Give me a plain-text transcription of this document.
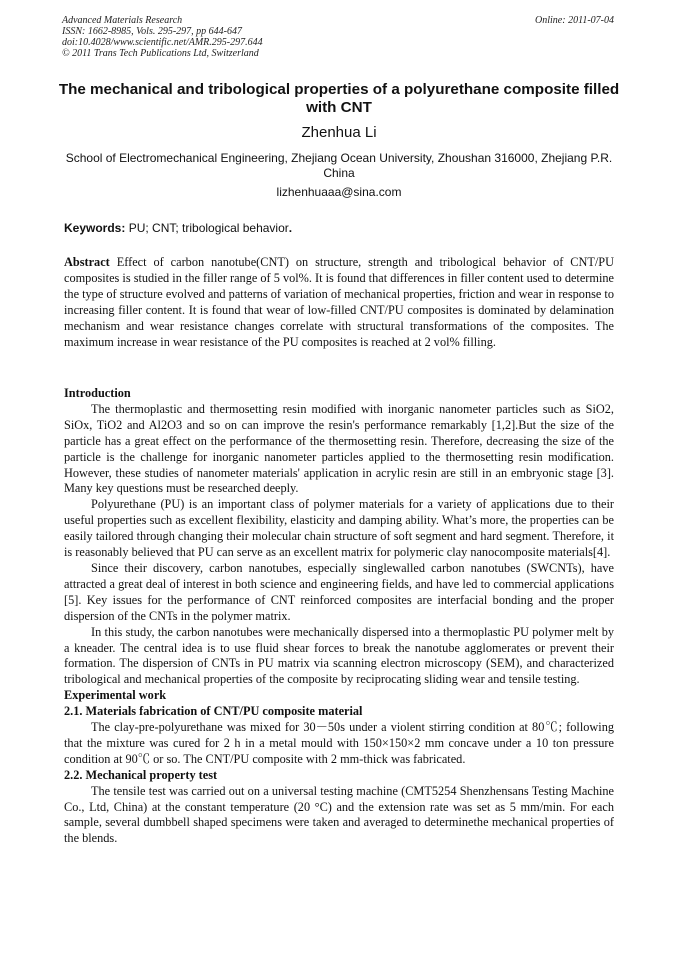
Advanced Materials Research
ISSN: 1662-8985, Vols. 295-297, pp 644-647
doi:10.4028/www.scientific.net/AMR.295-297.644
© 2011 Trans Tech Publications Ltd, Switzerland
Online: 2011-07-04
The mechanical and tribological properties of a polyurethane composite filled with CNT
Zhenhua Li
School of Electromechanical Engineering, Zhejiang Ocean University, Zhoushan 316000, Zhejiang P.R. China
lizhenhuaaa@sina.com
Keywords: PU; CNT; tribological behavior.

Abstract Effect of carbon nanotube(CNT) on structure, strength and tribological behavior of CNT/PU composites is studied in the filler range of 5 vol%. It is found that differences in filler content used to determine the type of structure evolved and patterns of variation of mechanical properties, friction and wear in response to increasing filler content. It is found that wear of low-filled CNT/PU composites is dominated by delamination mechanism and wear resistance changes correlate with structural transformations of the composites. The maximum increase in wear resistance of the PU composites is reached at 2 vol% filling.

Introduction

The thermoplastic and thermosetting resin modified with inorganic nanometer particles such as SiO2, SiOx, TiO2 and Al2O3 and so on can improve the resin's performance remarkably [1,2].But the size of the particle has a great effect on the performance of the thermosetting resin. Therefore, decreasing the size of the particle is the challenge for inorganic nanometer particles applied to the thermosetting resin modification. However, these studies of nanometer materials' application in acrylic resin are still in an embryonic stage [3]. Many key questions must be researched deeply.

Polyurethane (PU) is an important class of polymer materials for a variety of applications due to their useful properties such as excellent flexibility, elasticity and damping ability. What’s more, the properties can be easily tailored through changing their molecular chain structure of soft segment and hard segment. Therefore, it is reasonably believed that PU can serve as an excellent matrix for polymeric clay nanocomposite materials[4].

Since their discovery, carbon nanotubes, especially singlewalled carbon nanotubes (SWCNTs), have attracted a great deal of interest in both science and engineering fields, and have led to commercial applications [5]. Key issues for the performance of CNT reinforced composites are interfacial bonding and the proper dispersion of the CNTs in the polymer matrix.

In this study, the carbon nanotubes were mechanically dispersed into a thermoplastic PU polymer melt by a kneader. The central idea is to use fluid shear forces to break the nanotube agglomerates or prevent their formation. The dispersion of CNTs in PU matrix via scanning electron microscopy (SEM), and characterized tribological and mechanical properties of the composite by reciprocating sliding wear and tensile testing.

Experimental work

2.1. Materials fabrication of CNT/PU composite material

The clay-pre-polyurethane was mixed for 30－50s under a violent stirring condition at 80℃; following that the mixture was cured for 2 h in a metal mould with 150×150×2 mm concave under a 10 ton pressure condition at 90℃ or so. The CNT/PU composite with 2 mm-thick was fabricated.

2.2. Mechanical property test

The tensile test was carried out on a universal testing machine (CMT5254 Shenzhensans Testing Machine Co., Ltd, China) at the constant temperature (20 °C) and the extension rate was set as 5 mm/min. For each sample, several dumbbell shaped specimens were taken and averaged to determinethe mechanical properties of the blends.
